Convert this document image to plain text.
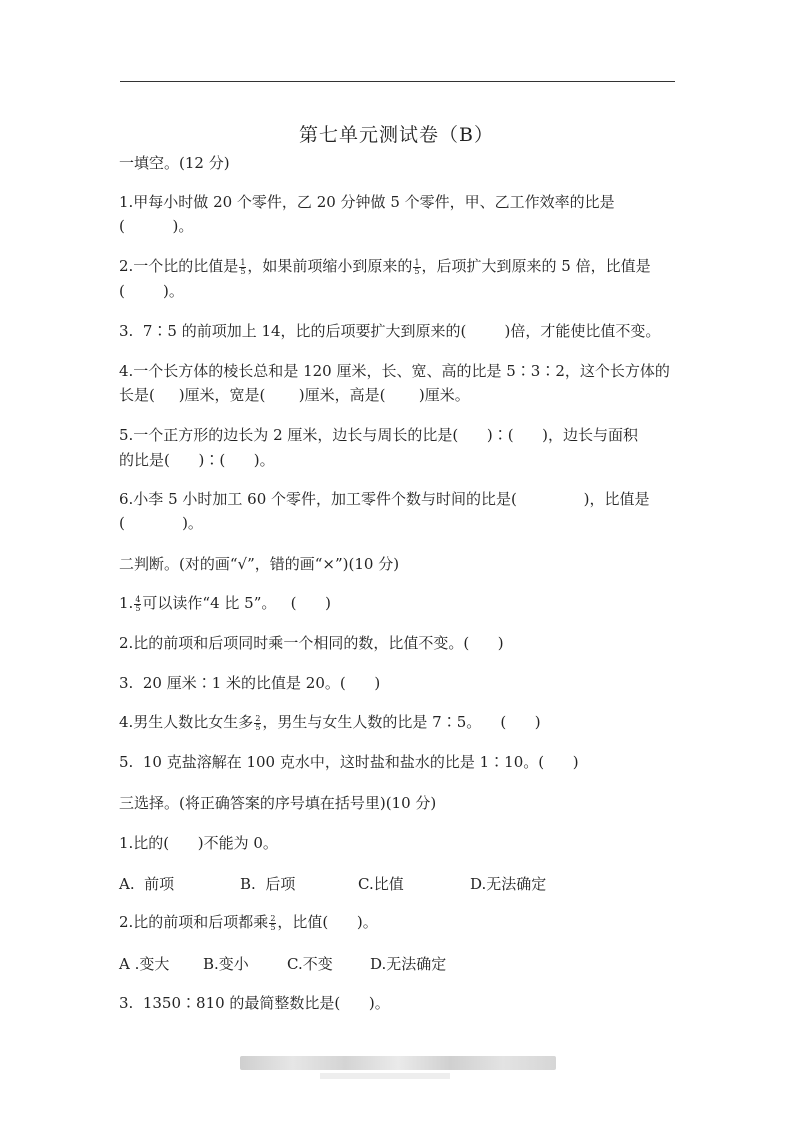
第七单元测试卷（B）
一填空。(12 分)
1.甲每小时做 20 个零件，乙 20 分钟做 5 个零件，甲、乙工作效率的比是
(          )。
2.一个比的比值是 $\frac{1}{5}$ ，如果前项缩小到原来的 $\frac{1}{5}$ ，后项扩大到原来的 5 倍，比值是
(        )。
3.  7∶5 的前项加上 14，比的后项要扩大到原来的(        )倍，才能使比值不变。
4.一个长方体的棱长总和是 120 厘米，长、宽、高的比是 5∶3∶2，这个长方体的
长是(     )厘米，宽是(       )厘米，高是(       )厘米。
5.一个正方形的边长为 2 厘米，边长与周长的比是(      )∶(      )，边长与面积
的比是(      )∶(      )。
6.小李 5 小时加工 60 个零件，加工零件个数与时间的比是(              )，比值是
(            )。
二判断。(对的画“√”，错的画“×”)(10 分)
1. $\frac{4}{5}$ 可以读作“4 比 5”。   (      )
2.比的前项和后项同时乘一个相同的数，比值不变。(      )
3.  20 厘米∶1 米的比值是 20。(      )
4.男生人数比女生多 $\frac{2}{5}$ ，男生与女生人数的比是 7∶5。    (      )
5.  10 克盐溶解在 100 克水中，这时盐和盐水的比是 1∶10。(      )
三选择。(将正确答案的序号填在括号里)(10 分)
1.比的(      )不能为 0。
A.  前项	B.  后项	C.比值	D.无法确定
2.比的前项和后项都乘 $\frac{2}{5}$ ，比值(      )。
A .变大 B.变小	C.不变 D.无法确定
3.  1350∶810 的最简整数比是(      )。
